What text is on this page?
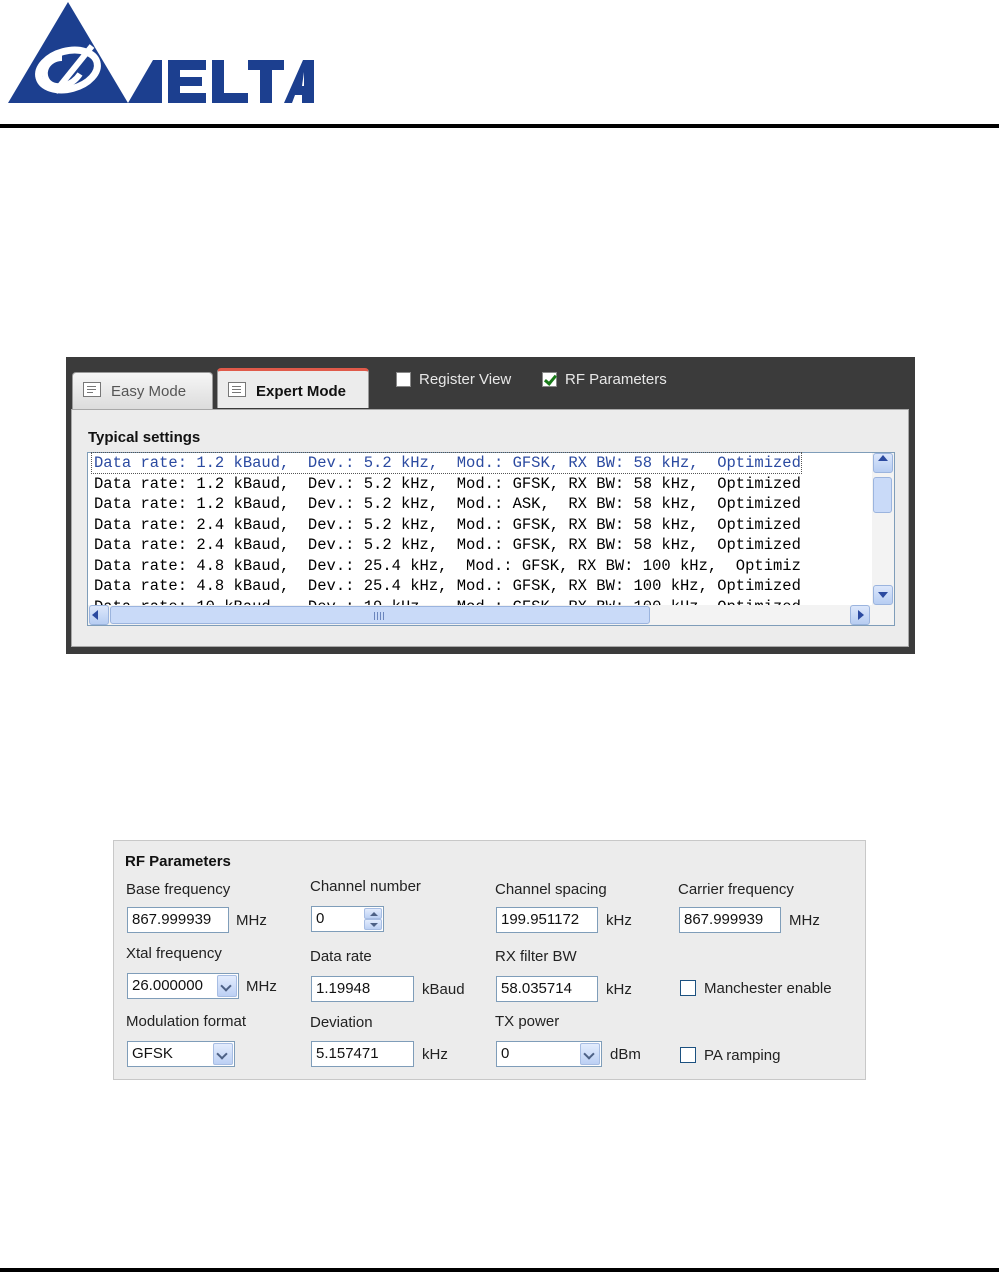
Easy Mode	Expert Mode
Register View	RF Parameters
Typical settings
Data rate: 1.2 kBaud,  Dev.: 5.2 kHz,  Mod.: GFSK, RX BW: 58 kHz,  Optimized
Data rate: 1.2 kBaud,  Dev.: 5.2 kHz,  Mod.: GFSK, RX BW: 58 kHz,  Optimized
Data rate: 1.2 kBaud,  Dev.: 5.2 kHz,  Mod.: ASK,  RX BW: 58 kHz,  Optimized
Data rate: 2.4 kBaud,  Dev.: 5.2 kHz,  Mod.: GFSK, RX BW: 58 kHz,  Optimized
Data rate: 2.4 kBaud,  Dev.: 5.2 kHz,  Mod.: GFSK, RX BW: 58 kHz,  Optimized
Data rate: 4.8 kBaud,  Dev.: 25.4 kHz,  Mod.: GFSK, RX BW: 100 kHz,  Optimiz
Data rate: 4.8 kBaud,  Dev.: 25.4 kHz, Mod.: GFSK, RX BW: 100 kHz, Optimized
RF Parameters
Base frequency
867.999939	MHz
Xtal frequency
26.000000	MHz
Modulation format
GFSK
Channel number
0
Data rate
1.19948	kBaud
Deviation
5.157471	kHz
Channel spacing
199.951172	kHz
RX filter BW
58.035714	kHz
TX power
0	dBm
Carrier frequency
867.999939	MHz
Manchester enable
PA ramping
